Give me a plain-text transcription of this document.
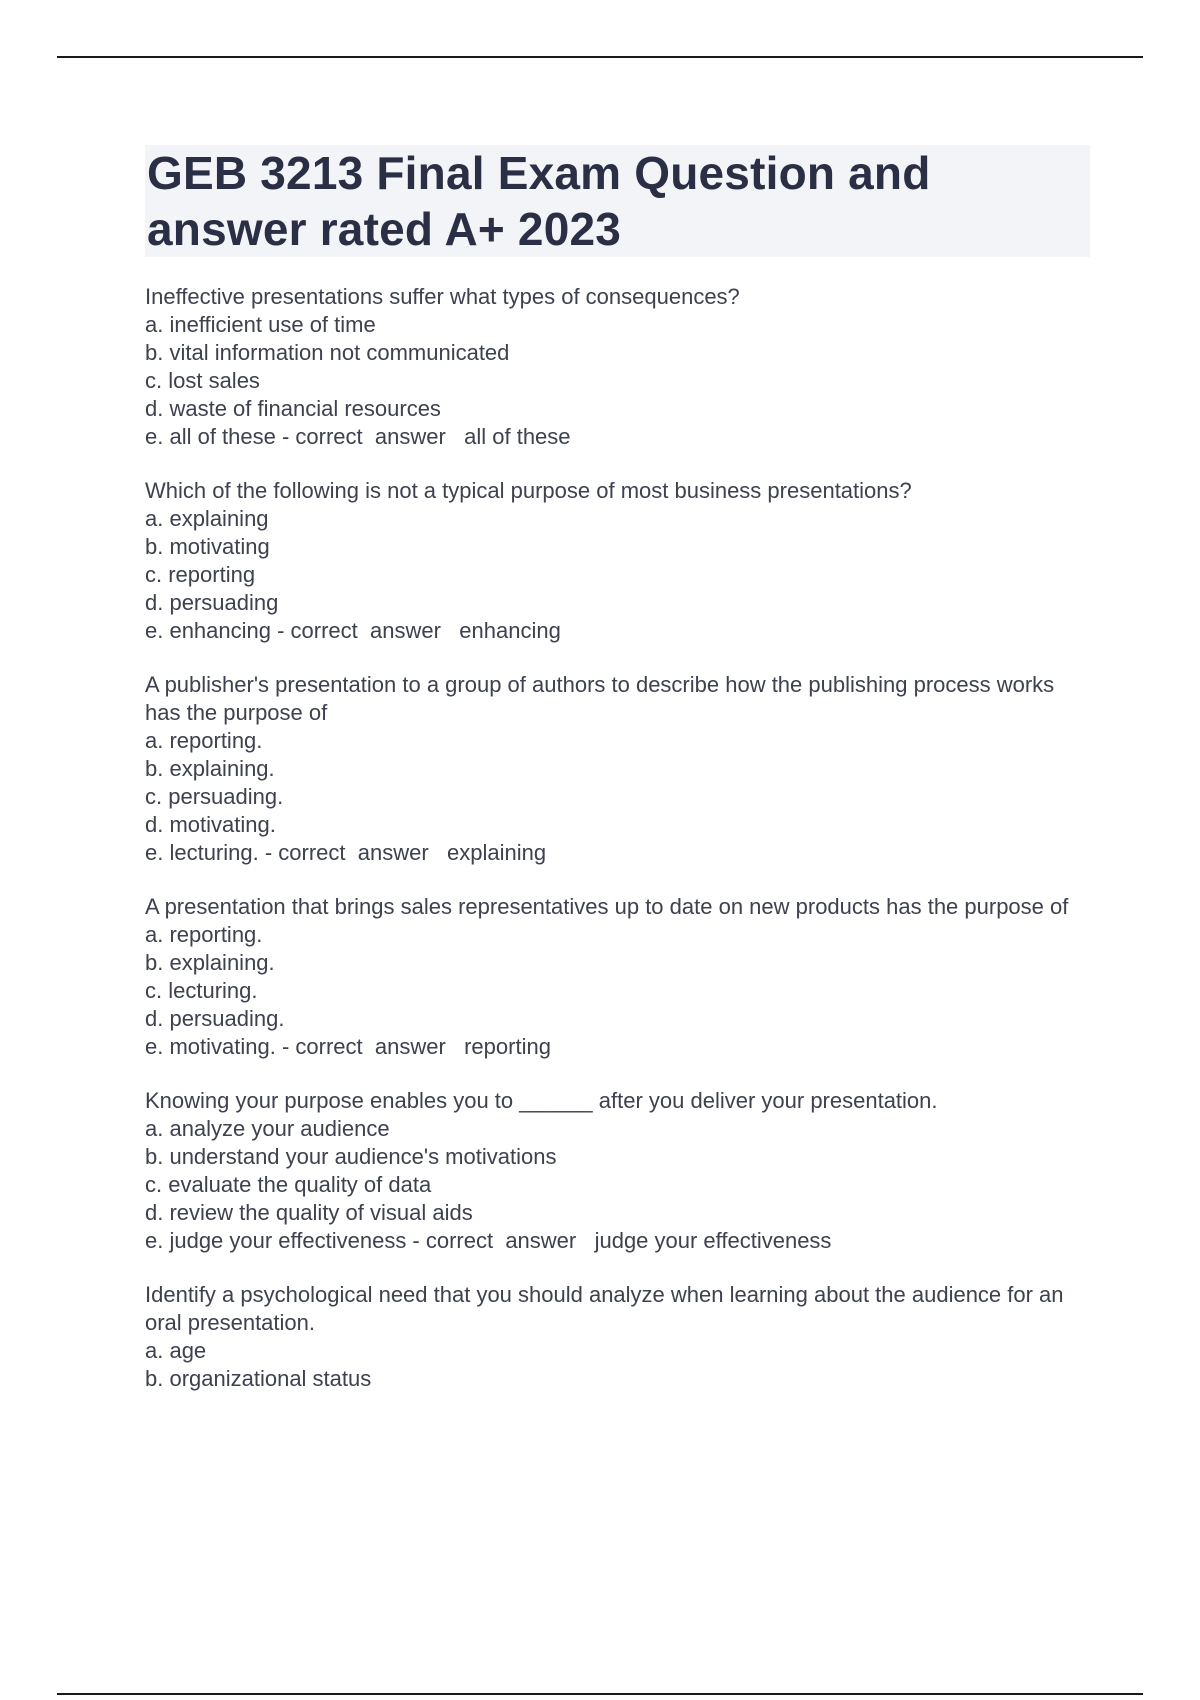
GEB 3213 Final Exam Question and answer rated A+ 2023
Ineffective presentations suffer what types of consequences?
a. inefficient use of time
b. vital information not communicated
c. lost sales
d. waste of financial resources
e. all of these - correct  answer   all of these
Which of the following is not a typical purpose of most business presentations?
a. explaining
b. motivating
c. reporting
d. persuading
e. enhancing - correct  answer   enhancing
A publisher's presentation to a group of authors to describe how the publishing process works has the purpose of
a. reporting.
b. explaining.
c. persuading.
d. motivating.
e. lecturing. - correct  answer   explaining
A presentation that brings sales representatives up to date on new products has the purpose of
a. reporting.
b. explaining.
c. lecturing.
d. persuading.
e. motivating. - correct  answer   reporting
Knowing your purpose enables you to ______ after you deliver your presentation.
a. analyze your audience
b. understand your audience's motivations
c. evaluate the quality of data
d. review the quality of visual aids
e. judge your effectiveness - correct  answer   judge your effectiveness
Identify a psychological need that you should analyze when learning about the audience for an oral presentation.
a. age
b. organizational status
